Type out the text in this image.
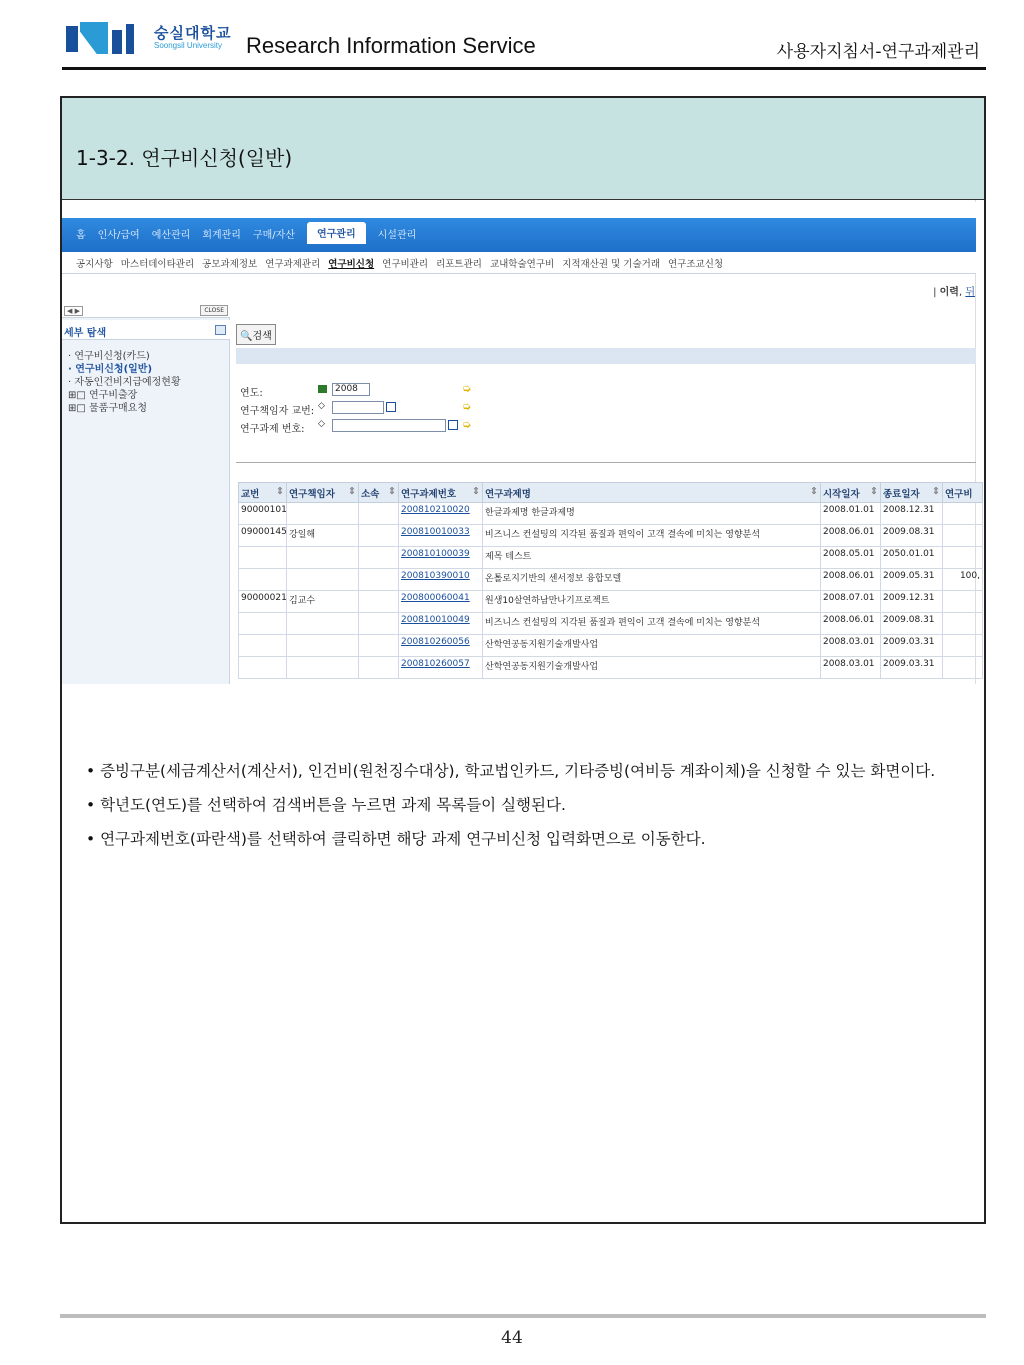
숭실대학교
Soongsil University Research Information Service	사용자지침서-연구과제관리
1-3-2. 연구비신청(일반)
홈 인사/급여 예산관리 회계관리 구매/자산	연구관리	시설관리
공지사항 마스터데이타관리 공모과제정보 연구과제관리 연구비신청 연구비관리 리포트관리 교내학술연구비 지적재산권 및 기술거래 연구조교신청
| 이력, 뒤
◀ ▶	CLOSE
세부 탐색
· 연구비신청(카드)
· 연구비신청(일반)
· 자동인건비지급예정현황
⊞□ 연구비출장
⊞□ 물품구매요청
🔍검색
연도:	2008	➭
연구책임자 교번: ◇	➭
연구과제 번호: ◇	➭
교번 ⇕	연구책임자 ⇕	소속 ⇕	연구과제번호 ⇕	연구과제명 ⇕	시작일자 ⇕	종료일자 ⇕	연구비
90000101			200810210020	한글과제명 한글과제명	2008.01.01	2008.12.31	
09000145	강일해		200810010033	비즈니스 컨설팅의 지각된 품질과 편익이 고객 결속에 미치는 영향분석	2008.06.01	2009.08.31	
			200810100039	제목 테스트	2008.05.01	2050.01.01	
			200810390010	온톨로지기반의 센서정보 융합모델	2008.06.01	2009.05.31	100,
90000021	김교수		200800060041	원생10살연하남만나기프로젝트	2008.07.01	2009.12.31	
			200810010049	비즈니스 컨설팅의 지각된 품질과 편익이 고객 결속에 미치는 영향분석	2008.06.01	2009.08.31	
			200810260056	산학연공동지원기술개발사업	2008.03.01	2009.03.31	
			200810260057	산학연공동지원기술개발사업	2008.03.01	2009.03.31	

• 증빙구분(세금계산서(계산서), 인건비(원천징수대상), 학교법인카드, 기타증빙(여비등 계좌이체)을 신청할 수 있는 화면이다.

• 학년도(연도)를 선택하여 검색버튼을 누르면 과제 목록들이 실행된다.

• 연구과제번호(파란색)를 선택하여 클릭하면 해당 과제 연구비신청 입력화면으로 이동한다.

44
